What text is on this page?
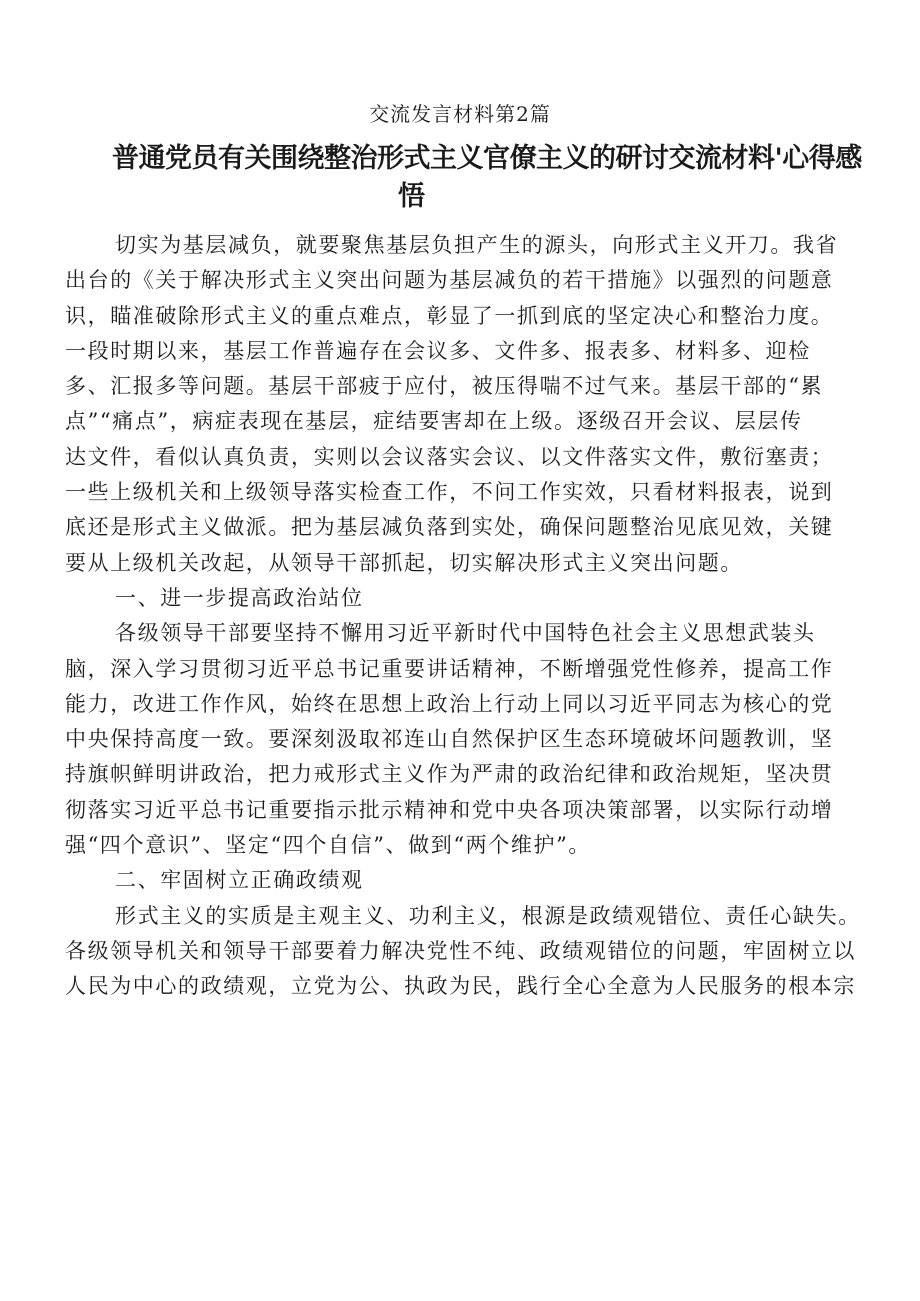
交流发言材料第2篇
普通党员有关围绕整治形式主义官僚主义的研讨交流材料'心得感
悟
切实为基层减负，就要聚焦基层负担产生的源头，向形式主义开刀。我省
出台的《关于解决形式主义突出问题为基层减负的若干措施》以强烈的问题意
识，瞄准破除形式主义的重点难点，彰显了一抓到底的坚定决心和整治力度。
一段时期以来，基层工作普遍存在会议多、文件多、报表多、材料多、迎检
多、汇报多等问题。基层干部疲于应付，被压得喘不过气来。基层干部的“累
点”“痛点”，病症表现在基层，症结要害却在上级。逐级召开会议、层层传
达文件，看似认真负责，实则以会议落实会议、以文件落实文件，敷衍塞责；
一些上级机关和上级领导落实检查工作，不问工作实效，只看材料报表，说到
底还是形式主义做派。把为基层减负落到实处，确保问题整治见底见效，关键
要从上级机关改起，从领导干部抓起，切实解决形式主义突出问题。
一、进一步提高政治站位
各级领导干部要坚持不懈用习近平新时代中国特色社会主义思想武装头
脑，深入学习贯彻习近平总书记重要讲话精神，不断增强党性修养，提高工作
能力，改进工作作风，始终在思想上政治上行动上同以习近平同志为核心的党
中央保持高度一致。要深刻汲取祁连山自然保护区生态环境破坏问题教训，坚
持旗帜鲜明讲政治，把力戒形式主义作为严肃的政治纪律和政治规矩，坚决贯
彻落实习近平总书记重要指示批示精神和党中央各项决策部署，以实际行动增
强“四个意识”、坚定“四个自信”、做到“两个维护”。
二、牢固树立正确政绩观
形式主义的实质是主观主义、功利主义，根源是政绩观错位、责任心缺失。
各级领导机关和领导干部要着力解决党性不纯、政绩观错位的问题，牢固树立以
人民为中心的政绩观，立党为公、执政为民，践行全心全意为人民服务的根本宗
